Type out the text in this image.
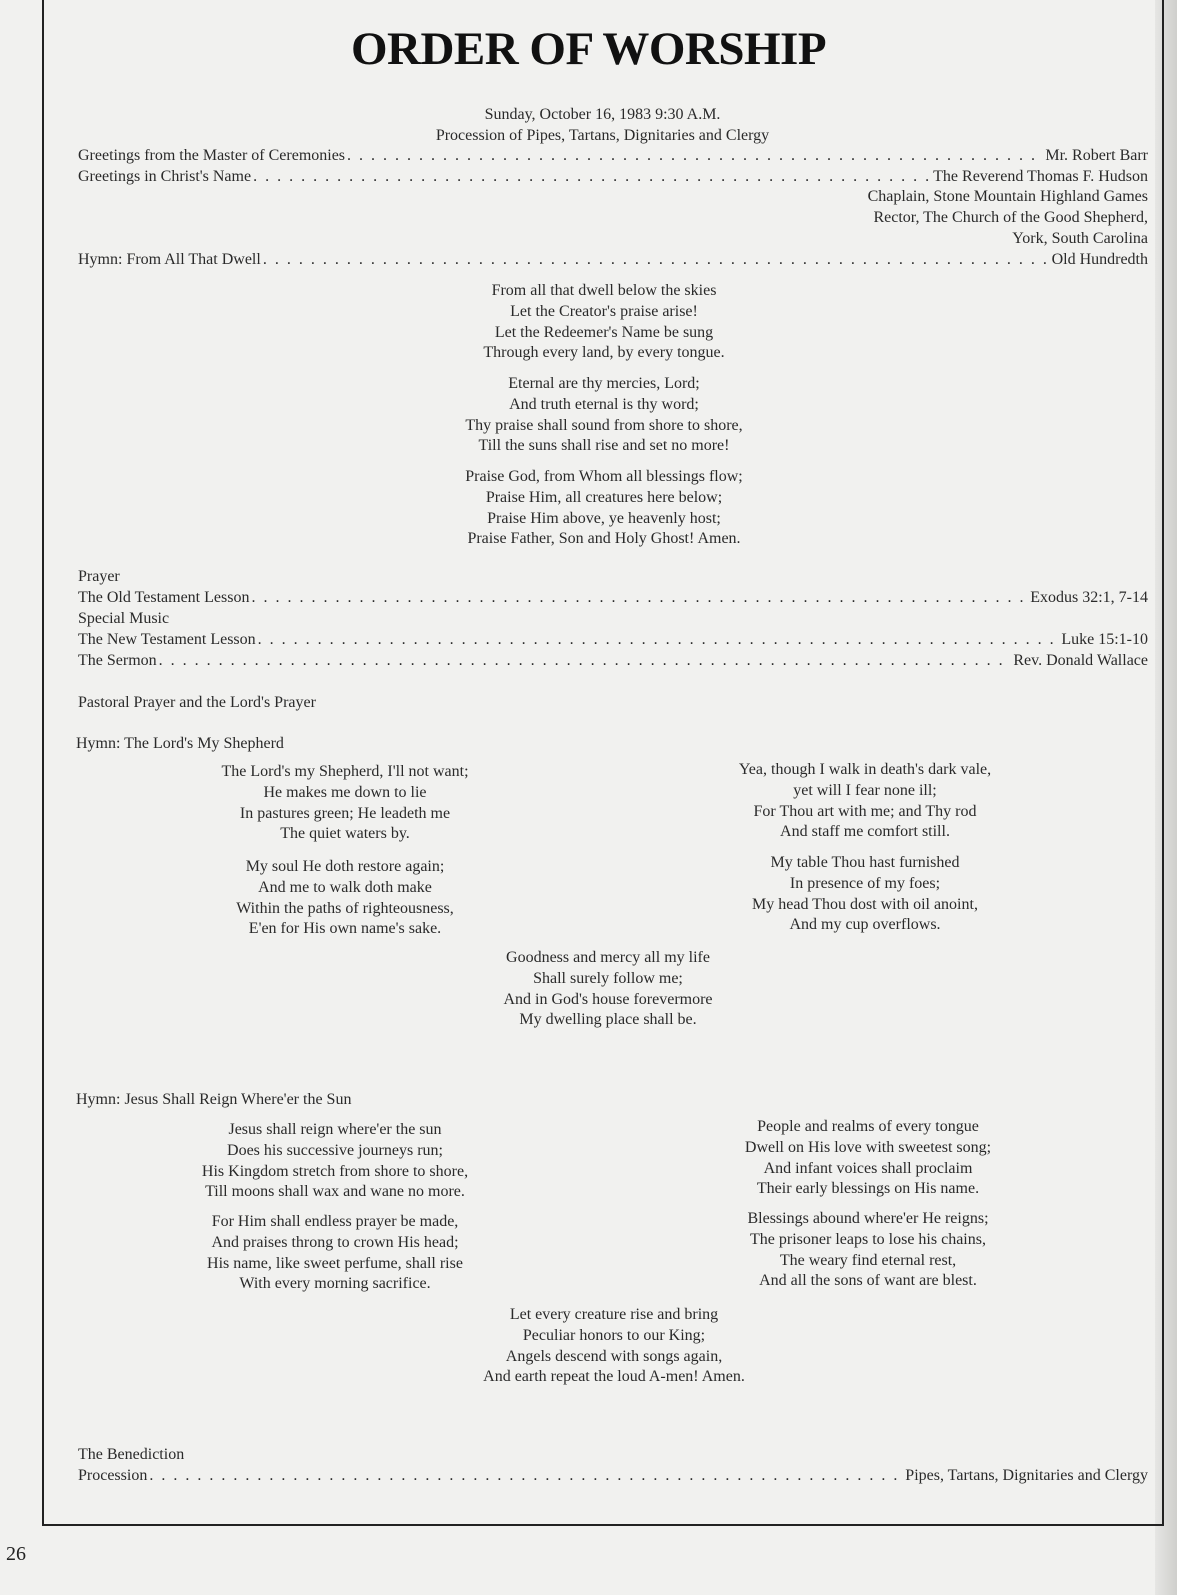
ORDER OF WORSHIP
Sunday, October 16, 1983 9:30 A.M.
Procession of Pipes, Tartans, Dignitaries and Clergy
Greetings from the Master of Ceremonies . . .	Mr. Robert Barr
Greetings in Christ's Name . . .	The Reverend Thomas F. Hudson
Chaplain, Stone Mountain Highland Games
Rector, The Church of the Good Shepherd,
York, South Carolina
Hymn: From All That Dwell . . .	Old Hundredth
From all that dwell below the skies
Let the Creator's praise arise!
Let the Redeemer's Name be sung
Through every land, by every tongue.
Eternal are thy mercies, Lord;
And truth eternal is thy word;
Thy praise shall sound from shore to shore,
Till the suns shall rise and set no more!
Praise God, from Whom all blessings flow;
Praise Him, all creatures here below;
Praise Him above, ye heavenly host;
Praise Father, Son and Holy Ghost! Amen.
Prayer
The Old Testament Lesson . . .	Exodus 32:1, 7-14
Special Music
The New Testament Lesson . . .	Luke 15:1-10
The Sermon . . .	Rev. Donald Wallace
Pastoral Prayer and the Lord's Prayer
Hymn: The Lord's My Shepherd
The Lord's my Shepherd, I'll not want;
He makes me down to lie
In pastures green; He leadeth me
The quiet waters by.
Yea, though I walk in death's dark vale,
yet will I fear none ill;
For Thou art with me; and Thy rod
And staff me comfort still.
My soul He doth restore again;
And me to walk doth make
Within the paths of righteousness,
E'en for His own name's sake.
My table Thou hast furnished
In presence of my foes;
My head Thou dost with oil anoint,
And my cup overflows.
Goodness and mercy all my life
Shall surely follow me;
And in God's house forevermore
My dwelling place shall be.
Hymn: Jesus Shall Reign Where'er the Sun
Jesus shall reign where'er the sun
Does his successive journeys run;
His Kingdom stretch from shore to shore,
Till moons shall wax and wane no more.
People and realms of every tongue
Dwell on His love with sweetest song;
And infant voices shall proclaim
Their early blessings on His name.
For Him shall endless prayer be made,
And praises throng to crown His head;
His name, like sweet perfume, shall rise
With every morning sacrifice.
Blessings abound where'er He reigns;
The prisoner leaps to lose his chains,
The weary find eternal rest,
And all the sons of want are blest.
Let every creature rise and bring
Peculiar honors to our King;
Angels descend with songs again,
And earth repeat the loud A-men! Amen.
The Benediction
Procession . . .	Pipes, Tartans, Dignitaries and Clergy
26
